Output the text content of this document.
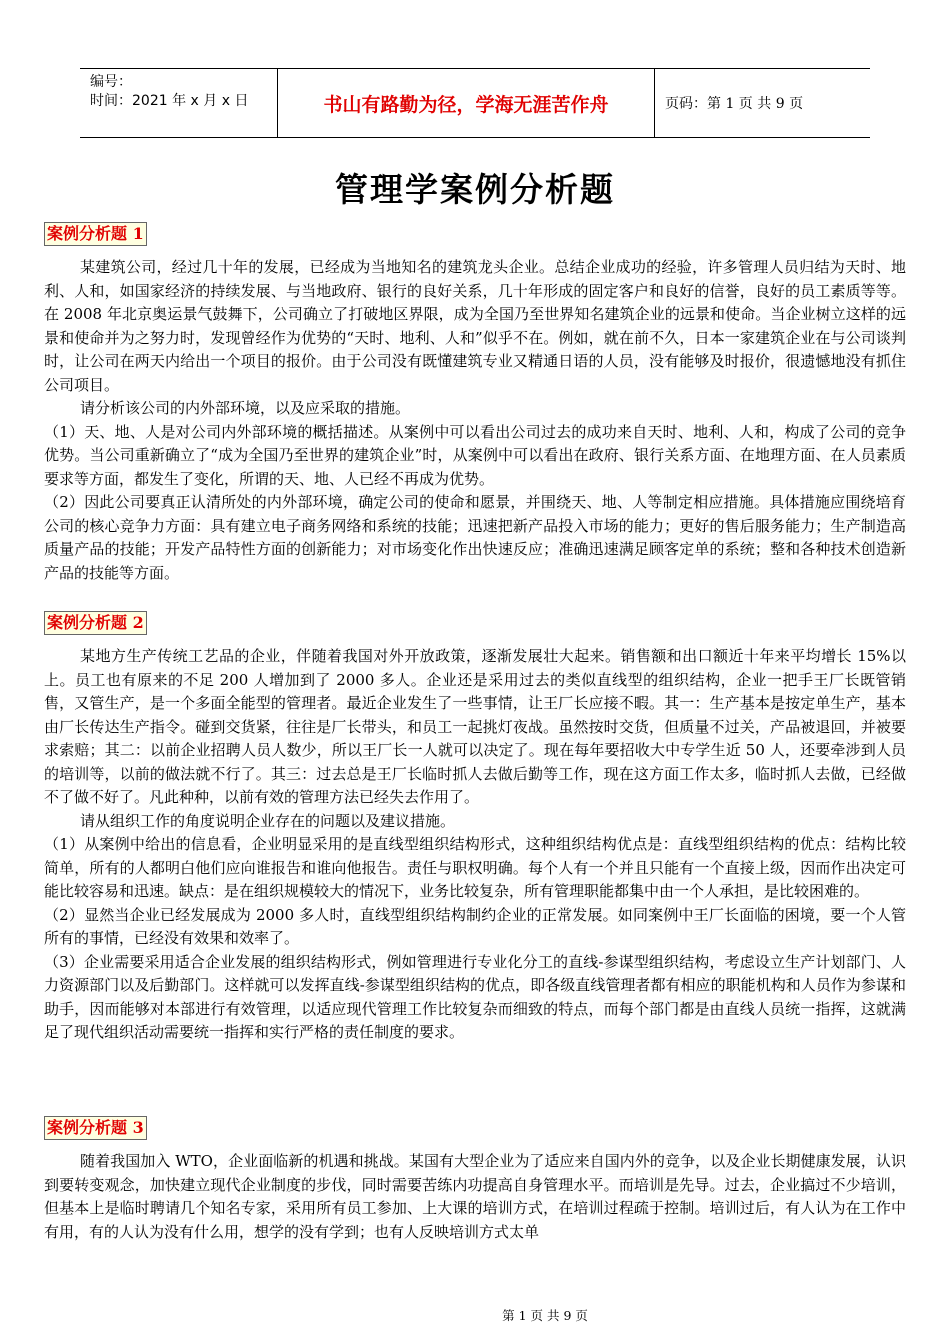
编号：
时间：2021 年 x 月 x 日	书山有路勤为径，学海无涯苦作舟	页码：第 1 页 共 9 页
管理学案例分析题
案例分析题 1

某建筑公司，经过几十年的发展，已经成为当地知名的建筑龙头企业。总结企业成功的经验，许多管理人员归结为天时、地利、人和，如国家经济的持续发展、与当地政府、银行的良好关系，几十年形成的固定客户和良好的信誉，良好的员工素质等等。在 2008 年北京奥运景气鼓舞下，公司确立了打破地区界限，成为全国乃至世界知名建筑企业的远景和使命。当企业树立这样的远景和使命并为之努力时，发现曾经作为优势的“天时、地利、人和”似乎不在。例如，就在前不久，日本一家建筑企业在与公司谈判时，让公司在两天内给出一个项目的报价。由于公司没有既懂建筑专业又精通日语的人员，没有能够及时报价，很遗憾地没有抓住公司项目。

请分析该公司的内外部环境，以及应采取的措施。

（1）天、地、人是对公司内外部环境的概括描述。从案例中可以看出公司过去的成功来自天时、地利、人和，构成了公司的竞争优势。当公司重新确立了“成为全国乃至世界的建筑企业”时，从案例中可以看出在政府、银行关系方面、在地理方面、在人员素质要求等方面，都发生了变化，所谓的天、地、人已经不再成为优势。

（2）因此公司要真正认清所处的内外部环境，确定公司的使命和愿景，并围绕天、地、人等制定相应措施。具体措施应围绕培育公司的核心竞争力方面：具有建立电子商务网络和系统的技能；迅速把新产品投入市场的能力；更好的售后服务能力；生产制造高质量产品的技能；开发产品特性方面的创新能力；对市场变化作出快速反应；准确迅速满足顾客定单的系统；整和各种技术创造新产品的技能等方面。

案例分析题 2

某地方生产传统工艺品的企业，伴随着我国对外开放政策，逐渐发展壮大起来。销售额和出口额近十年来平均增长 15%以上。员工也有原来的不足 200 人增加到了 2000 多人。企业还是采用过去的类似直线型的组织结构，企业一把手王厂长既管销售，又管生产，是一个多面全能型的管理者。最近企业发生了一些事情，让王厂长应接不暇。其一：生产基本是按定单生产，基本由厂长传达生产指令。碰到交货紧，往往是厂长带头，和员工一起挑灯夜战。虽然按时交货，但质量不过关，产品被退回，并被要求索赔；其二：以前企业招聘人员人数少，所以王厂长一人就可以决定了。现在每年要招收大中专学生近 50 人，还要牵涉到人员的培训等，以前的做法就不行了。其三：过去总是王厂长临时抓人去做后勤等工作，现在这方面工作太多，临时抓人去做，已经做不了做不好了。凡此种种，以前有效的管理方法已经失去作用了。

请从组织工作的角度说明企业存在的问题以及建议措施。

（1）从案例中给出的信息看，企业明显采用的是直线型组织结构形式，这种组织结构优点是：直线型组织结构的优点：结构比较简单，所有的人都明白他们应向谁报告和谁向他报告。责任与职权明确。每个人有一个并且只能有一个直接上级，因而作出决定可能比较容易和迅速。缺点：是在组织规模较大的情况下，业务比较复杂，所有管理职能都集中由一个人承担，是比较困难的。

（2）显然当企业已经发展成为 2000 多人时，直线型组织结构制约企业的正常发展。如同案例中王厂长面临的困境，要一个人管所有的事情，已经没有效果和效率了。

（3）企业需要采用适合企业发展的组织结构形式，例如管理进行专业化分工的直线-参谋型组织结构，考虑设立生产计划部门、人力资源部门以及后勤部门。这样就可以发挥直线-参谋型组织结构的优点，即各级直线管理者都有相应的职能机构和人员作为参谋和助手，因而能够对本部进行有效管理，以适应现代管理工作比较复杂而细致的特点，而每个部门都是由直线人员统一指挥，这就满足了现代组织活动需要统一指挥和实行严格的责任制度的要求。

案例分析题 3

随着我国加入 WTO，企业面临新的机遇和挑战。某国有大型企业为了适应来自国内外的竞争，以及企业长期健康发展，认识到要转变观念，加快建立现代企业制度的步伐，同时需要苦练内功提高自身管理水平。而培训是先导。过去，企业搞过不少培训，但基本上是临时聘请几个知名专家，采用所有员工参加、上大课的培训方式，在培训过程疏于控制。培训过后，有人认为在工作中有用，有的人认为没有什么用，想学的没有学到；也有人反映培训方式太单

第 1 页 共 9 页
